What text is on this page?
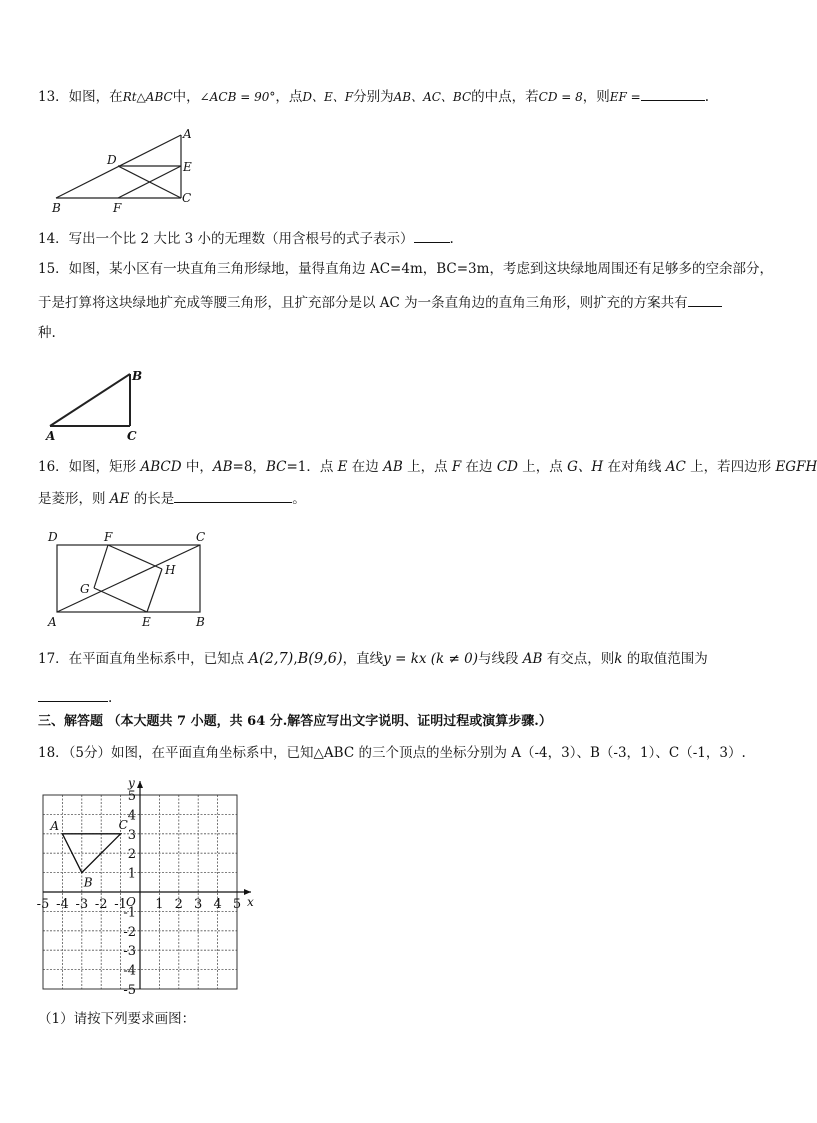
13．如图，在Rt△ABC中，∠ACB = 90°，点D、E、F分别为AB、AC、BC的中点，若CD = 8，则EF =	.
A
B
C
D	E
F
14．写出一个比 2 大比 3 小的无理数（用含根号的式子表示）	.
15．如图，某小区有一块直角三角形绿地，量得直角边 AC=4m，BC=3m，考虑到这块绿地周围还有足够多的空余部分，
于是打算将这块绿地扩充成等腰三角形，且扩充部分是以 AC 为一条直角边的直角三角形，则扩充的方案共有
种.
A
B
C
16．如图，矩形 ABCD 中，AB=8，BC=1．点 E 在边 AB 上，点 F 在边 CD 上，点 G、H 在对角线 AC 上，若四边形 EGFH
是菱形，则 AE 的长是	。
D	F	C
H
G
A	E	B
17．在平面直角坐标系中，已知点 A(2,7),B(9,6)，直线y = kx (k ≠ 0)与线段 AB 有交点，则k 的取值范围为
.
三、解答题 （本大题共 7 小题，共 64 分.解答应写出文字说明、证明过程或演算步骤.）
18．（5分）如图，在平面直角坐标系中，已知△ABC 的三个顶点的坐标分别为 A（-4，3）、B（-3，1）、C（-1，3）.
x
y
O
-5 -4 -3 -2 -1 1 2 3 4 5
5
4
3
2
1
-1
-2
-3
-4
-5
A
B
C
（1）请按下列要求画图：
